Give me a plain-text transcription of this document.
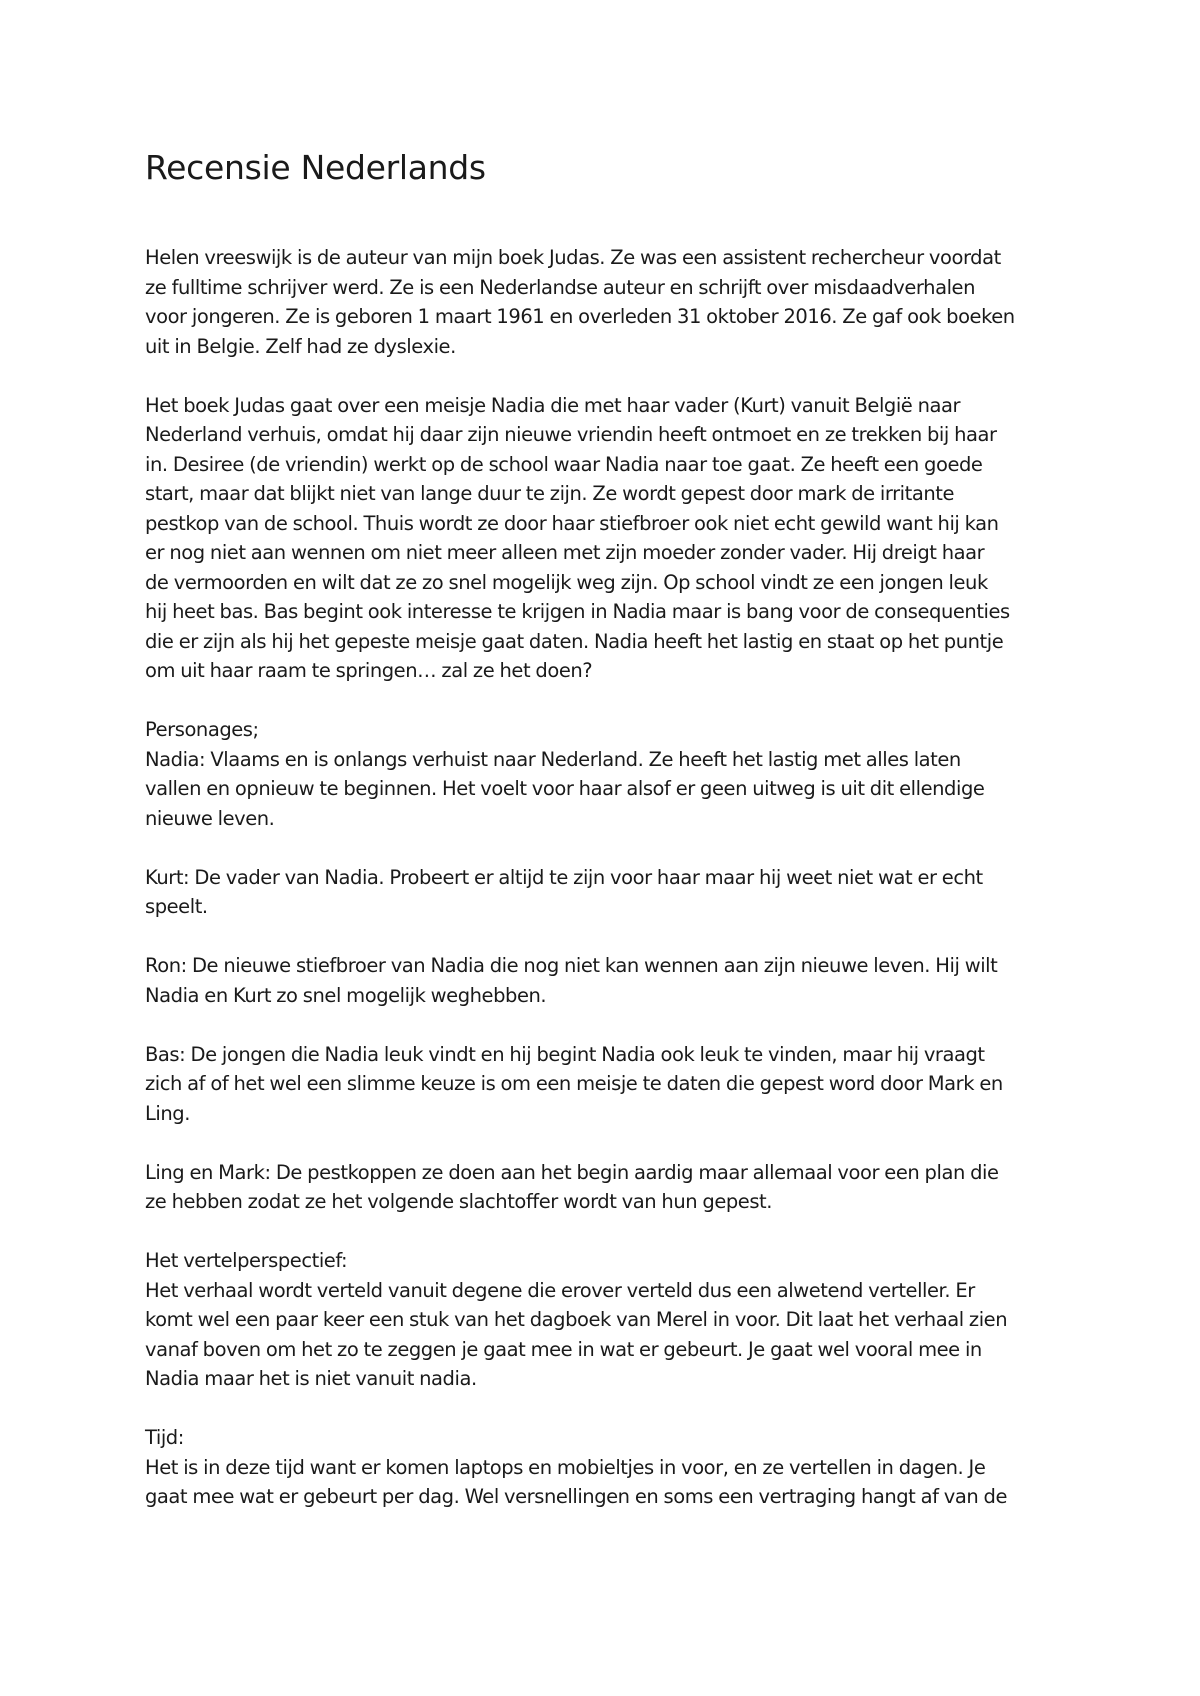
Recensie Nederlands

Helen vreeswijk is de auteur van mijn boek Judas. Ze was een assistent rechercheur voordat
ze fulltime schrijver werd. Ze is een Nederlandse auteur en schrijft over misdaadverhalen
voor jongeren. Ze is geboren 1 maart 1961 en overleden 31 oktober 2016. Ze gaf ook boeken
uit in Belgie. Zelf had ze dyslexie.

Het boek Judas gaat over een meisje Nadia die met haar vader (Kurt) vanuit België naar
Nederland verhuis, omdat hij daar zijn nieuwe vriendin heeft ontmoet en ze trekken bij haar
in. Desiree (de vriendin) werkt op de school waar Nadia naar toe gaat. Ze heeft een goede
start, maar dat blijkt niet van lange duur te zijn. Ze wordt gepest door mark de irritante
pestkop van de school. Thuis wordt ze door haar stiefbroer ook niet echt gewild want hij kan
er nog niet aan wennen om niet meer alleen met zijn moeder zonder vader. Hij dreigt haar
de vermoorden en wilt dat ze zo snel mogelijk weg zijn. Op school vindt ze een jongen leuk
hij heet bas. Bas begint ook interesse te krijgen in Nadia maar is bang voor de consequenties
die er zijn als hij het gepeste meisje gaat daten. Nadia heeft het lastig en staat op het puntje
om uit haar raam te springen… zal ze het doen?

Personages;
Nadia: Vlaams en is onlangs verhuist naar Nederland. Ze heeft het lastig met alles laten
vallen en opnieuw te beginnen. Het voelt voor haar alsof er geen uitweg is uit dit ellendige
nieuwe leven.

Kurt: De vader van Nadia. Probeert er altijd te zijn voor haar maar hij weet niet wat er echt
speelt.

Ron: De nieuwe stiefbroer van Nadia die nog niet kan wennen aan zijn nieuwe leven. Hij wilt
Nadia en Kurt zo snel mogelijk weghebben.

Bas: De jongen die Nadia leuk vindt en hij begint Nadia ook leuk te vinden, maar hij vraagt
zich af of het wel een slimme keuze is om een meisje te daten die gepest word door Mark en
Ling.

Ling en Mark: De pestkoppen ze doen aan het begin aardig maar allemaal voor een plan die
ze hebben zodat ze het volgende slachtoffer wordt van hun gepest.

Het vertelperspectief:
Het verhaal wordt verteld vanuit degene die erover verteld dus een alwetend verteller. Er
komt wel een paar keer een stuk van het dagboek van Merel in voor. Dit laat het verhaal zien
vanaf boven om het zo te zeggen je gaat mee in wat er gebeurt. Je gaat wel vooral mee in
Nadia maar het is niet vanuit nadia.

Tijd:
Het is in deze tijd want er komen laptops en mobieltjes in voor, en ze vertellen in dagen. Je
gaat mee wat er gebeurt per dag. Wel versnellingen en soms een vertraging hangt af van de
